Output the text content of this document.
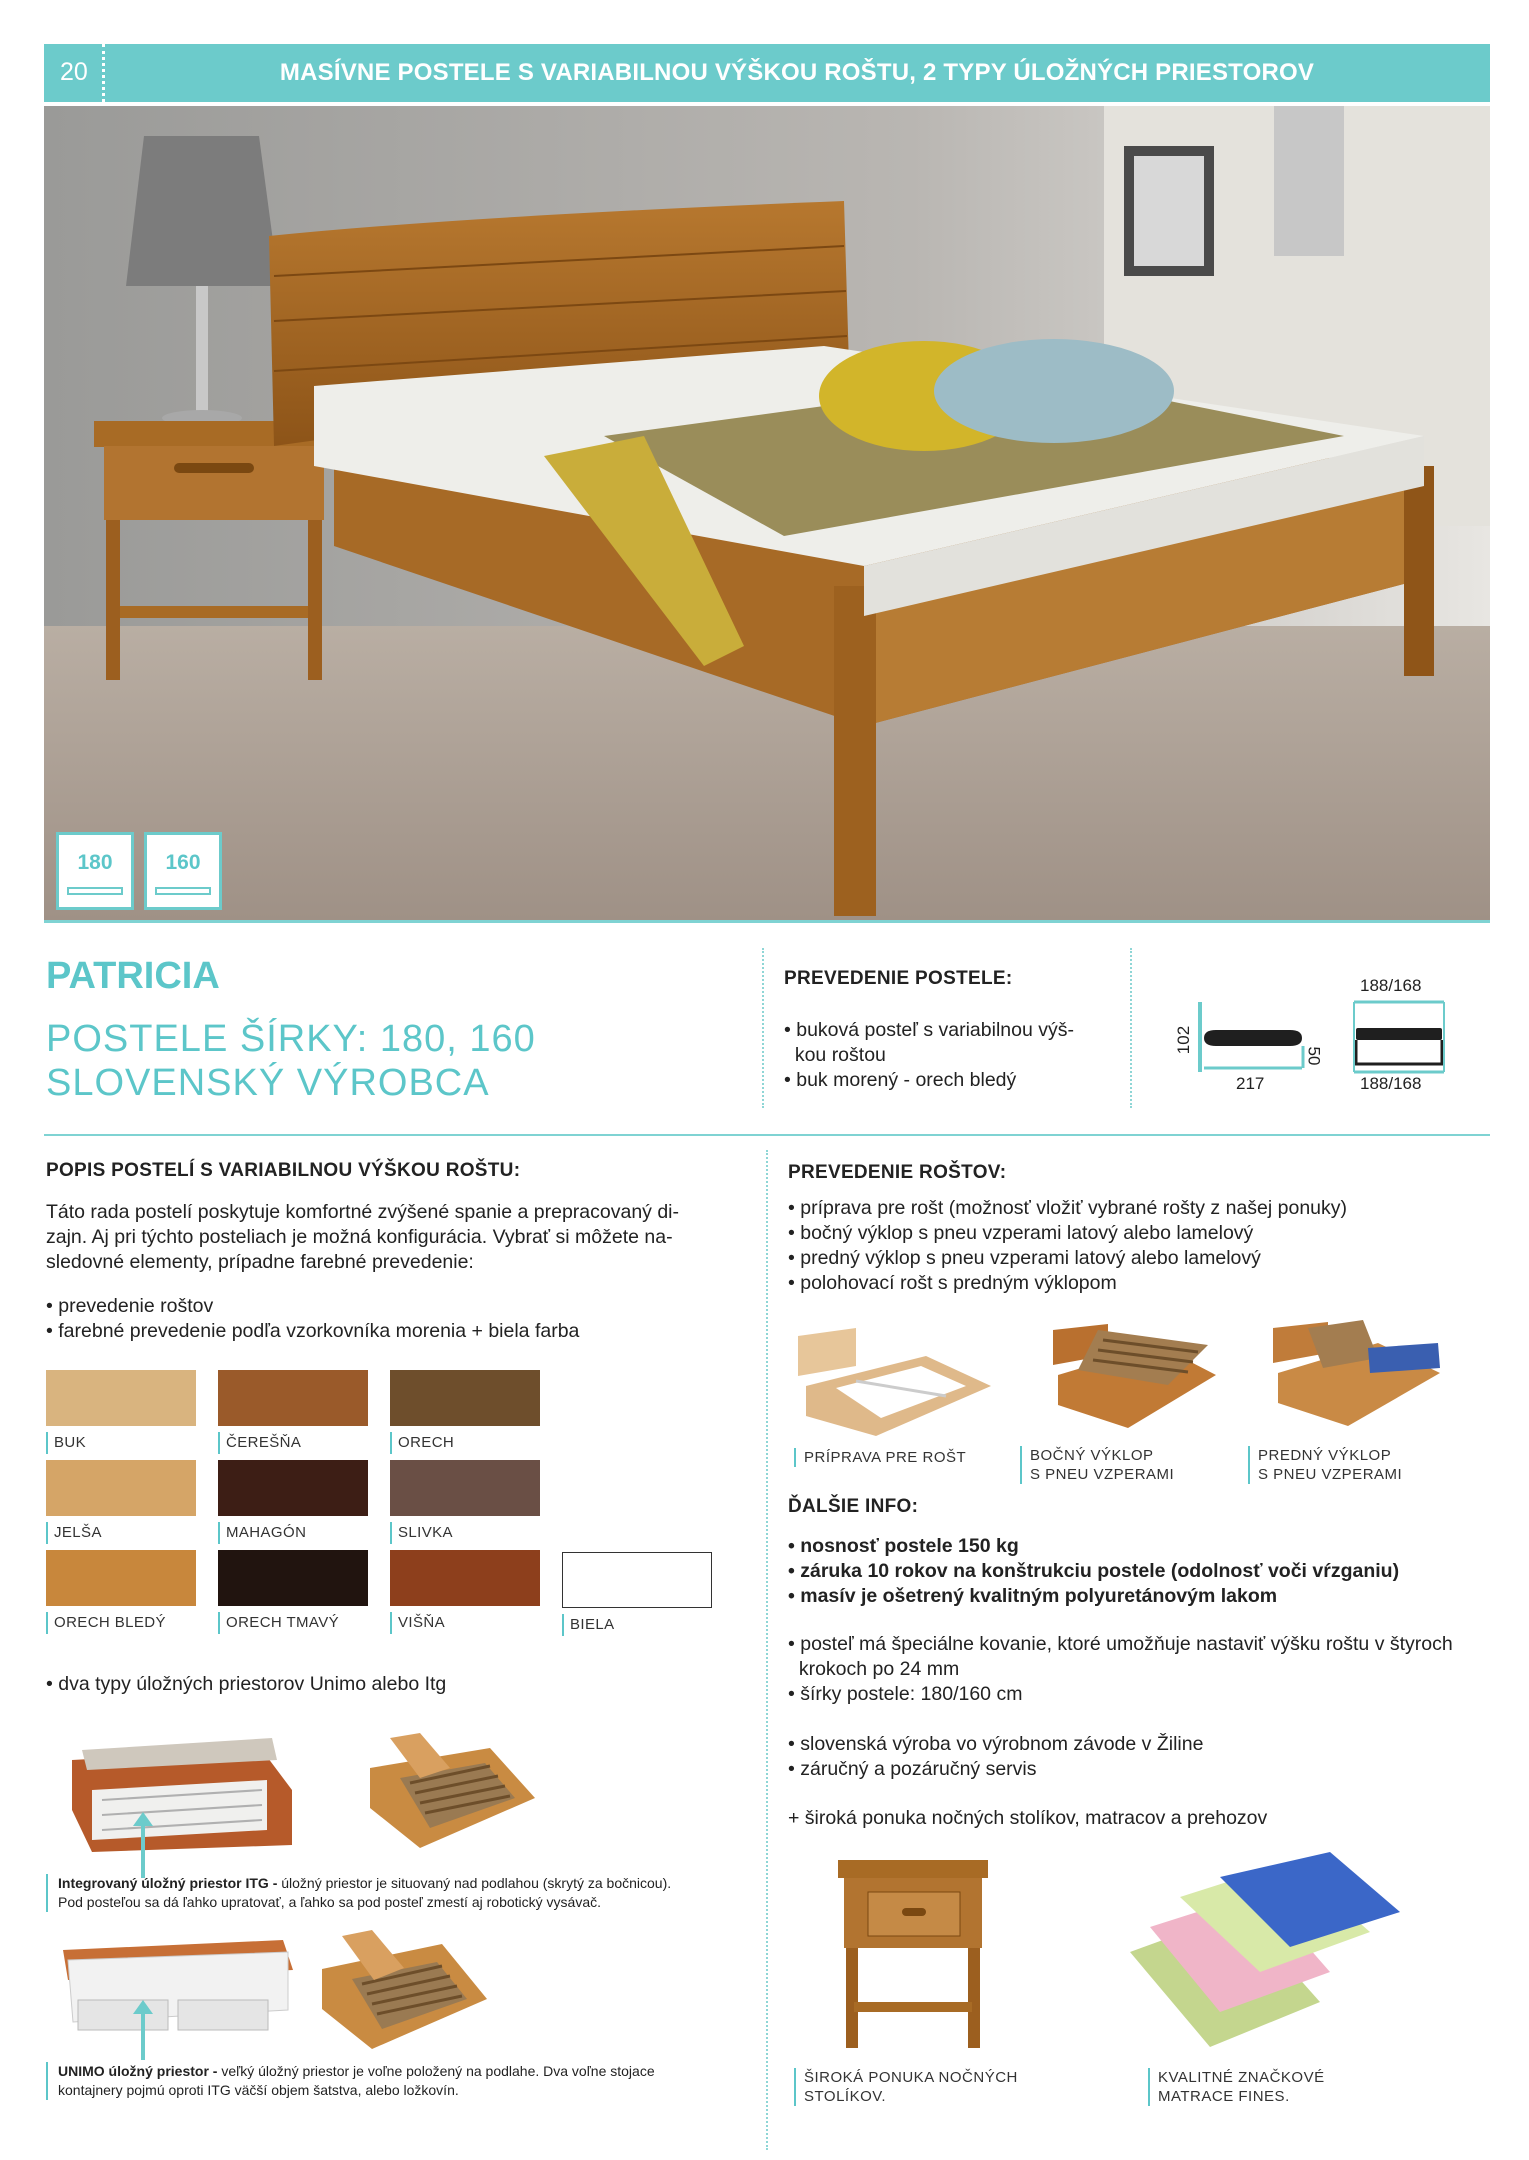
20	MASÍVNE POSTELE S VARIABILNOU VÝŠKOU ROŠTU, 2 TYPY ÚLOŽNÝCH PRIESTOROV
180	160
PATRICIA
POSTELE ŠÍRKY: 180, 160
SLOVENSKÝ VÝROBCA
PREVEDENIE POSTELE:
• buková posteľ s variabilnou výš-
kou roštou
• buk morený - orech bledý
102
217
50
188/168
188/168
POPIS POSTELÍ S VARIABILNOU VÝŠKOU ROŠTU:
Táto rada postelí poskytuje komfortné zvýšené spanie a prepracovaný di-
zajn. Aj pri týchto posteliach je možná konfigurácia. Vybrať si môžete na-
sledovné elementy, prípadne farebné prevedenie:
• prevedenie roštov
• farebné prevedenie podľa vzorkovníka morenia + biela farba
BUK	ČEREŠŇA	ORECH
JELŠA	MAHAGÓN	SLIVKA
ORECH BLEDÝ	ORECH TMAVÝ	VIŠŇA	BIELA
• dva typy úložných priestorov Unimo alebo Itg
Integrovaný úložný priestor ITG - úložný priestor je situovaný nad podlahou (skrytý za bočnicou).
Pod posteľou sa dá ľahko upratovať, a ľahko sa pod posteľ zmestí aj robotický vysávač.
UNIMO úložný priestor - veľký úložný priestor je voľne položený na podlahe. Dva voľne stojace
kontajnery pojmú oproti ITG väčší objem šatstva, alebo ložkovín.
PREVEDENIE ROŠTOV:
• príprava pre rošt (možnosť vložiť vybrané rošty z našej ponuky)
• bočný výklop s pneu vzperami latový alebo lamelový
• predný výklop s pneu vzperami latový alebo lamelový
• polohovací rošt s predným výklopom
PRÍPRAVA PRE ROŠT	BOČNÝ VÝKLOP
S PNEU VZPERAMI
PREDNÝ VÝKLOP
S PNEU VZPERAMI
ĎALŠIE INFO:
• nosnosť postele 150 kg
• záruka 10 rokov na konštrukciu postele (odolnosť voči vŕzganiu)
• masív je ošetrený kvalitným polyuretánovým lakom
• posteľ má špeciálne kovanie, ktoré umožňuje nastaviť výšku roštu v štyroch
krokoch po 24 mm
• šírky postele: 180/160 cm
• slovenská výroba vo výrobnom závode v Žiline
• záručný a pozáručný servis
+ široká ponuka nočných stolíkov, matracov a prehozov
ŠIROKÁ PONUKA NOČNÝCH
STOLÍKOV.
KVALITNÉ ZNAČKOVÉ
MATRACE FINES.
